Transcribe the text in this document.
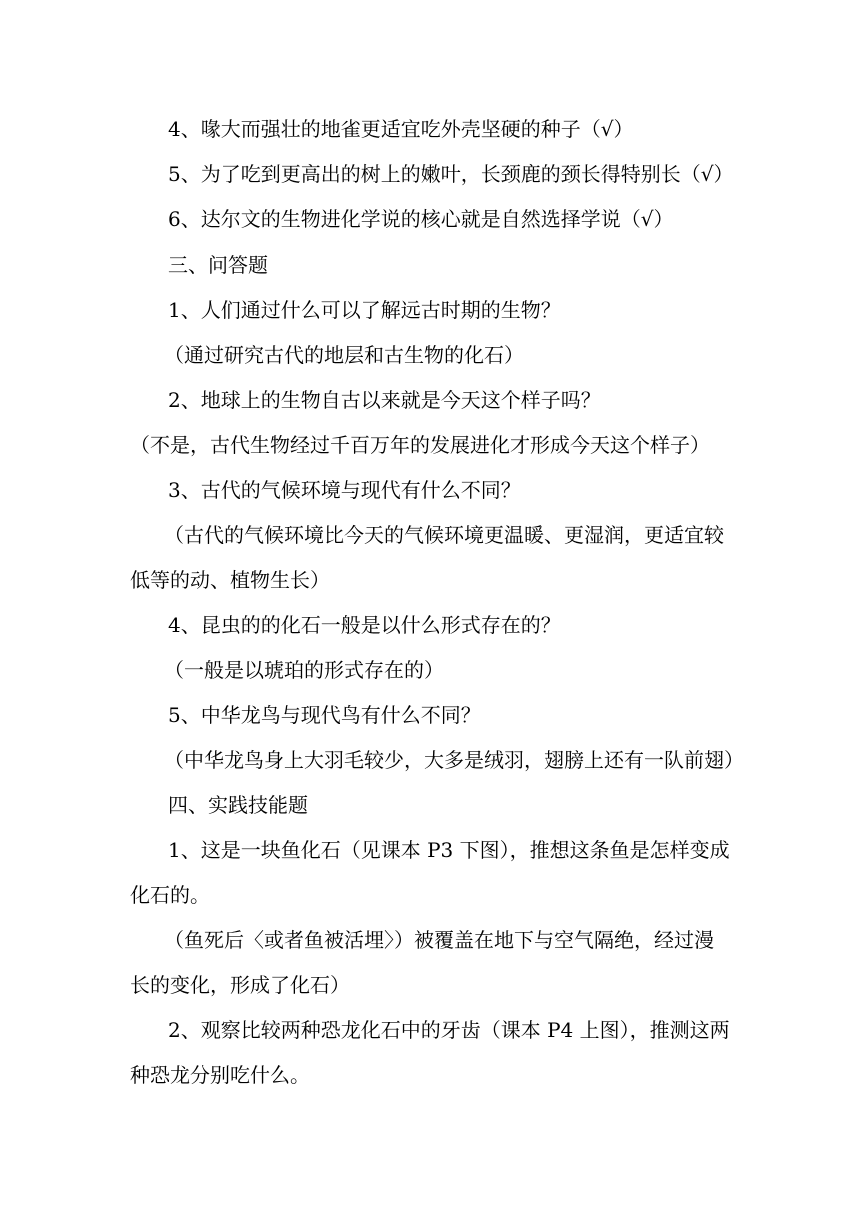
4、喙大而强壮的地雀更适宜吃外壳坚硬的种子（√）
5、为了吃到更高出的树上的嫩叶，长颈鹿的颈长得特别长（√）
6、达尔文的生物进化学说的核心就是自然选择学说（√）
三、问答题
1、人们通过什么可以了解远古时期的生物？
（通过研究古代的地层和古生物的化石）
2、地球上的生物自古以来就是今天这个样子吗？
（不是，古代生物经过千百万年的发展进化才形成今天这个样子）
3、古代的气候环境与现代有什么不同？
（古代的气候环境比今天的气候环境更温暖、更湿润，更适宜较
低等的动、植物生长）
4、昆虫的的化石一般是以什么形式存在的？
（一般是以琥珀的形式存在的）
5、中华龙鸟与现代鸟有什么不同？
（中华龙鸟身上大羽毛较少，大多是绒羽，翅膀上还有一队前翅）
四、实践技能题
1、这是一块鱼化石（见课本 P3 下图），推想这条鱼是怎样变成
化石的。
（鱼死后〈或者鱼被活埋〉）被覆盖在地下与空气隔绝，经过漫
长的变化，形成了化石）
2、观察比较两种恐龙化石中的牙齿（课本 P4 上图），推测这两
种恐龙分别吃什么。
